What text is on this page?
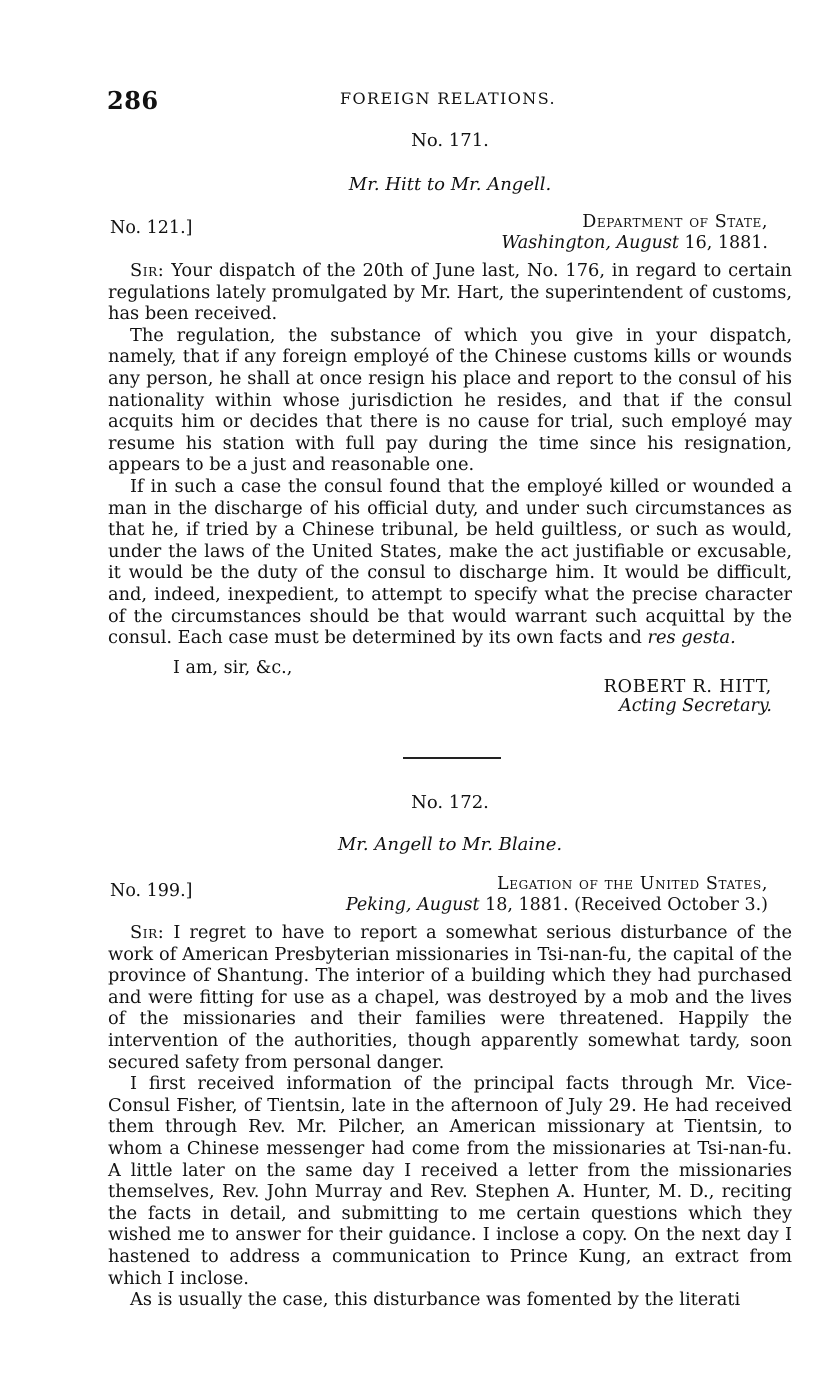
286	FOREIGN RELATIONS.
No. 171.
Mr. Hitt to Mr. Angell.
No. 121.]	Department of State,
Washington, August 16, 1881.

Sir: Your dispatch of the 20th of June last, No. 176, in regard to certain regulations lately promulgated by Mr. Hart, the superintendent of customs, has been received.

The regulation, the substance of which you give in your dispatch, namely, that if any foreign employé of the Chinese customs kills or wounds any person, he shall at once resign his place and report to the consul of his nationality within whose jurisdiction he resides, and that if the consul acquits him or decides that there is no cause for trial, such employé may resume his station with full pay during the time since his resignation, appears to be a just and reasonable one.

If in such a case the consul found that the employé killed or wounded a man in the discharge of his official duty, and under such circumstances as that he, if tried by a Chinese tribunal, be held guiltless, or such as would, under the laws of the United States, make the act justifiable or excusable, it would be the duty of the consul to discharge him. It would be difficult, and, indeed, inexpedient, to attempt to specify what the precise character of the circumstances should be that would warrant such acquittal by the consul. Each case must be determined by its own facts and res gesta.

I am, sir, &c.,
ROBERT R. HITT,
Acting Secretary.
No. 172.
Mr. Angell to Mr. Blaine.
No. 199.]	Legation of the United States,
Peking, August 18, 1881. (Received October 3.)

Sir: I regret to have to report a somewhat serious disturbance of the work of American Presbyterian missionaries in Tsi-nan-fu, the capital of the province of Shantung. The interior of a building which they had purchased and were fitting for use as a chapel, was destroyed by a mob and the lives of the missionaries and their families were threatened. Happily the intervention of the authorities, though apparently somewhat tardy, soon secured safety from personal danger.

I first received information of the principal facts through Mr. Vice-Consul Fisher, of Tientsin, late in the afternoon of July 29. He had received them through Rev. Mr. Pilcher, an American missionary at Tientsin, to whom a Chinese messenger had come from the missionaries at Tsi-nan-fu. A little later on the same day I received a letter from the missionaries themselves, Rev. John Murray and Rev. Stephen A. Hunter, M. D., reciting the facts in detail, and submitting to me certain questions which they wished me to answer for their guidance. I inclose a copy. On the next day I hastened to address a communication to Prince Kung, an extract from which I inclose.

As is usually the case, this disturbance was fomented by the literati
